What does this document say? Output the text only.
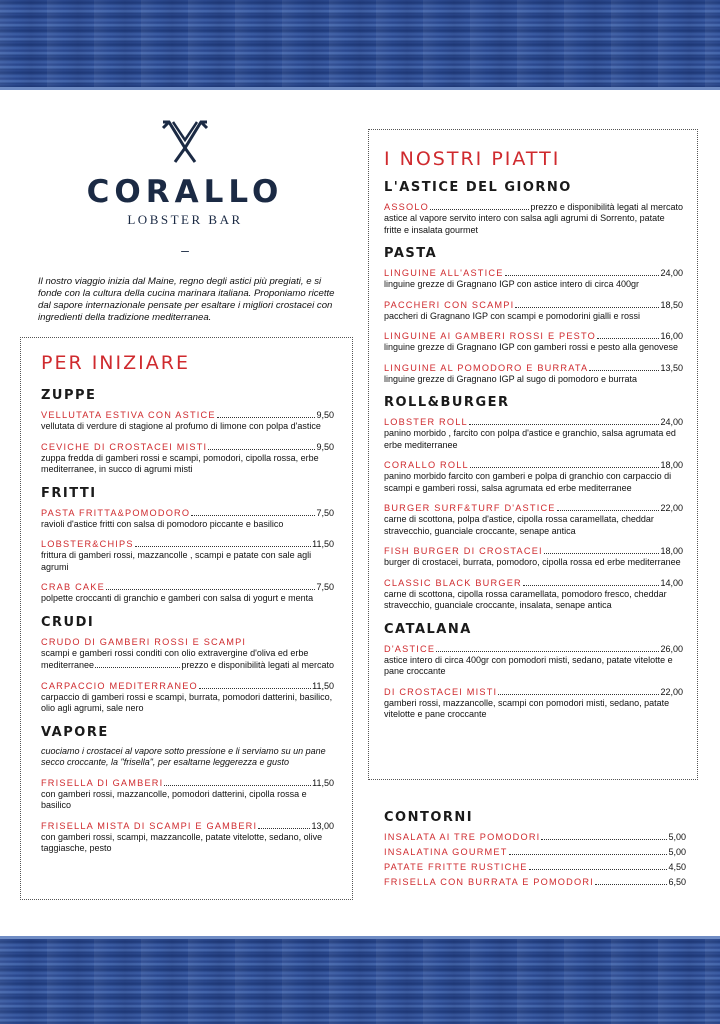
CORALLO
LOBSTER BAR
–

Il nostro viaggio inizia dal Maine, regno degli astici più pregiati, e si fonde con la cultura della cucina marinara italiana. Proponiamo ricette dal sapore internazionale pensate per esaltare i migliori crostacei con ingredienti della tradizione mediterranea.

PER INIZIARE
ZUPPE
VELLUTATA ESTIVA CON ASTICE	9,50
vellutata di verdure di stagione al profumo di limone con polpa d'astice
CEVICHE DI CROSTACEI MISTI	9,50
zuppa fredda di gamberi rossi e scampi, pomodori, cipolla rossa, erbe mediterranee, in succo di agrumi misti
FRITTI
PASTA FRITTA&POMODORO	7,50
ravioli d'astice fritti con salsa di pomodoro piccante e basilico
LOBSTER&CHIPS	11,50
frittura di gamberi rossi, mazzancolle , scampi e patate con sale agli agrumi
CRAB CAKE	7,50
polpette croccanti di granchio e gamberi con salsa di yogurt e menta
CRUDI
CRUDO DI GAMBERI ROSSI E SCAMPI
scampi e gamberi rossi conditi con olio extravergine d'oliva ed erbe
mediterranee	prezzo e disponibilità legati al mercato
CARPACCIO MEDITERRANEO	11,50
carpaccio di gamberi rossi e scampi, burrata, pomodori datterini, basilico, olio agli agrumi, sale nero
VAPORE

cuociamo i crostacei al vapore sotto pressione e li serviamo su un pane secco croccante, la "frisella", per esaltarne leggerezza e gusto

FRISELLA DI GAMBERI	11,50
con gamberi rossi, mazzancolle, pomodori datterini, cipolla rossa e basilico
FRISELLA MISTA DI SCAMPI E GAMBERI	13,00
con gamberi rossi, scampi, mazzancolle, patate vitelotte, sedano, olive taggiasche, pesto
I NOSTRI PIATTI
L'ASTICE DEL GIORNO
ASSOLO	prezzo e disponibilità legati al mercato
astice al vapore servito intero con salsa agli agrumi di Sorrento, patate fritte e insalata gourmet
PASTA
LINGUINE ALL'ASTICE	24,00
linguine grezze di Gragnano IGP con astice intero di circa 400gr
PACCHERI CON SCAMPI	18,50
paccheri di Gragnano IGP con scampi e pomodorini gialli e rossi
LINGUINE AI GAMBERI ROSSI E PESTO	16,00
linguine grezze di Gragnano IGP con gamberi rossi e pesto alla genovese
LINGUINE AL POMODORO E BURRATA	13,50
linguine grezze di Gragnano IGP al sugo di pomodoro e burrata
ROLL&BURGER
LOBSTER ROLL	24,00
panino morbido , farcito con polpa d'astice e granchio, salsa agrumata ed erbe mediterranee
CORALLO ROLL	18,00
panino morbido farcito con gamberi e polpa di granchio con carpaccio di scampi e gamberi rossi, salsa agrumata ed erbe mediterranee
BURGER SURF&TURF D'ASTICE	22,00
carne di scottona, polpa d'astice, cipolla rossa caramellata, cheddar stravecchio, guanciale croccante, senape antica
FISH BURGER DI CROSTACEI	18,00
burger di crostacei, burrata, pomodoro, cipolla rossa ed erbe mediterranee
CLASSIC BLACK BURGER	14,00
carne di scottona, cipolla rossa caramellata, pomodoro fresco, cheddar stravecchio, guanciale croccante, insalata, senape antica
CATALANA
D'ASTICE	26,00
astice intero di circa 400gr con pomodori misti, sedano, patate vitelotte e pane croccante
DI CROSTACEI MISTI	22,00
gamberi rossi, mazzancolle, scampi con pomodori misti, sedano, patate vitelotte e pane croccante
CONTORNI
INSALATA AI TRE POMODORI	5,00
INSALATINA GOURMET	5,00
PATATE FRITTE RUSTICHE	4,50
FRISELLA CON BURRATA E POMODORI	6,50
